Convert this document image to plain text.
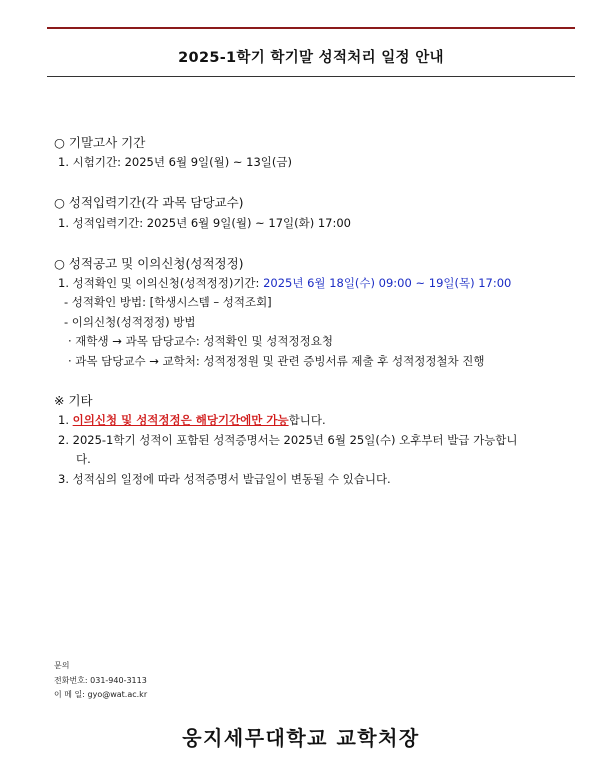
2025-1학기 학기말 성적처리 일정 안내
○ 기말고사 기간
1. 시험기간: 2025년 6월 9일(월) ~ 13일(금)
○ 성적입력기간(각 과목 담당교수)
1. 성적입력기간: 2025년 6월 9일(월) ~ 17일(화) 17:00
○ 성적공고 및 이의신청(성적정정)
1. 성적확인 및 이의신청(성적정정)기간: 2025년 6월 18일(수) 09:00 ~ 19일(목) 17:00
- 성적확인 방법: [학생시스템 – 성적조회]
- 이의신청(성적정정) 방법
· 재학생 → 과목 담당교수: 성적확인 및 성적정정요청
· 과목 담당교수 → 교학처: 성적정정원 및 관련 증빙서류 제출 후 성적정정철차 진행
※ 기타
1. 이의신청 및 성적정정은 해당기간에만 가능합니다.
2. 2025-1학기 성적이 포함된 성적증명서는 2025년 6월 25일(수) 오후부터 발급 가능합니
다.
3. 성적심의 일정에 따라 성적증명서 발급일이 변동될 수 있습니다.
문의
전화번호: 031-940-3113
이 메 일: gyo@wat.ac.kr
웅지세무대학교 교학처장
